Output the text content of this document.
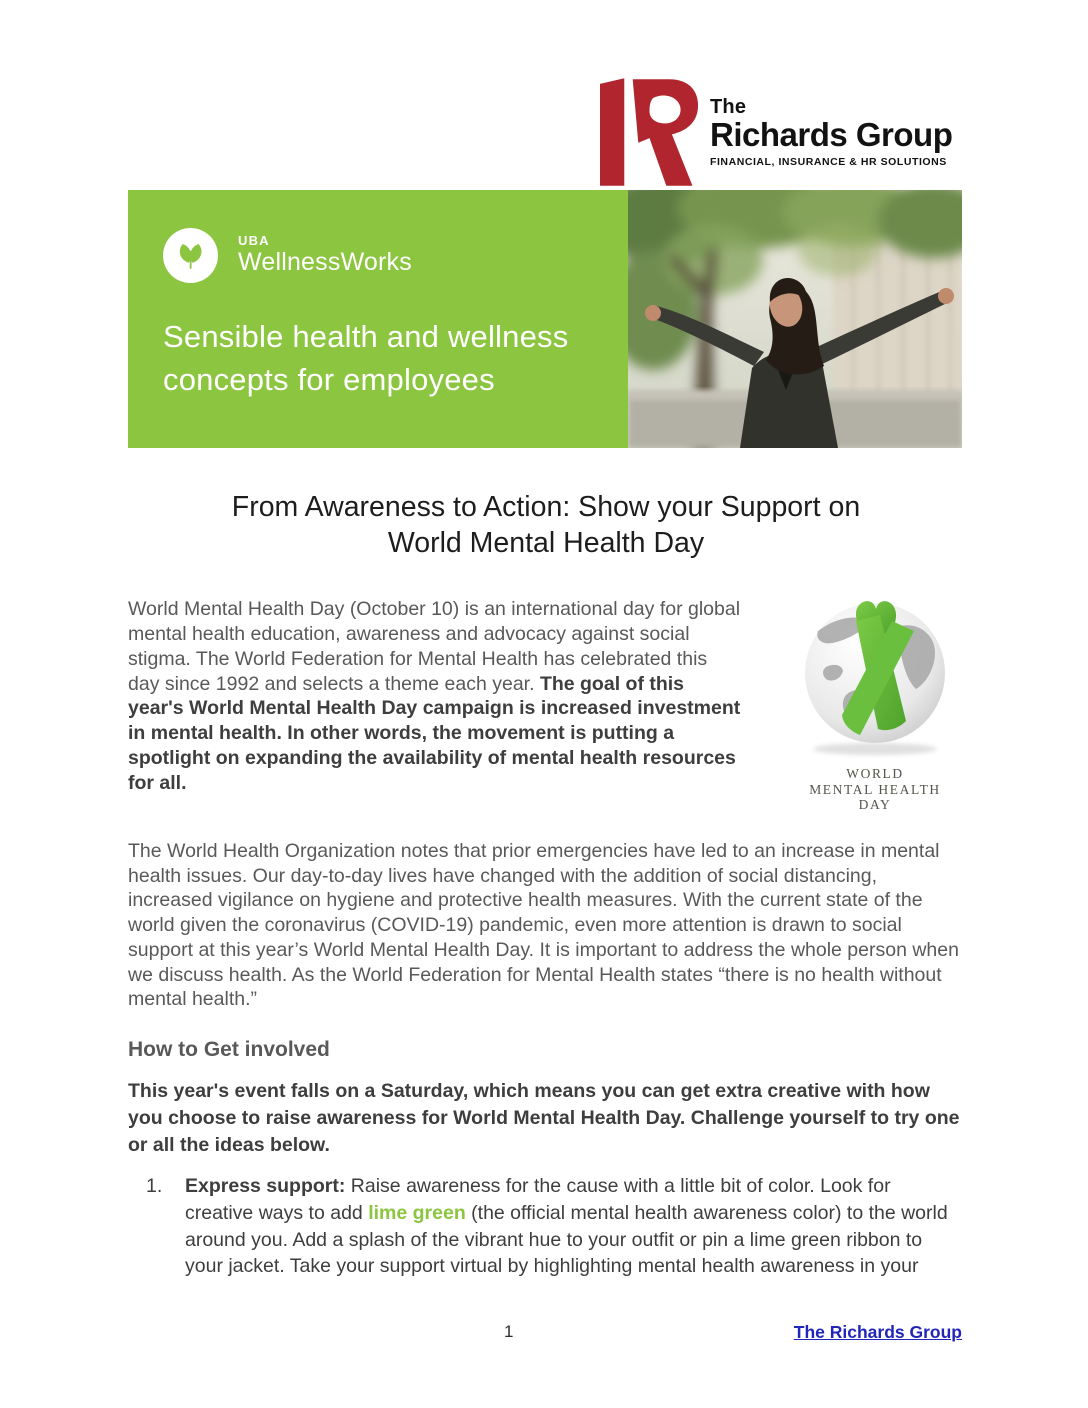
The
Richards Group
FINANCIAL, INSURANCE & HR SOLUTIONS
UBA
WellnessWorks
Sensible health and wellness concepts for employees
From Awareness to Action: Show your Support on World Mental Health Day

World Mental Health Day (October 10) is an international day for global mental health education, awareness and advocacy against social stigma. The World Federation for Mental Health has celebrated this day since 1992 and selects a theme each year. The goal of this year's World Mental Health Day campaign is increased investment in mental health. In other words, the movement is putting a spotlight on expanding the availability of mental health resources for all.	WORLD
MENTAL HEALTH
DAY

The World Health Organization notes that prior emergencies have led to an increase in mental health issues. Our day-to-day lives have changed with the addition of social distancing, increased vigilance on hygiene and protective health measures. With the current state of the world given the coronavirus (COVID-19) pandemic, even more attention is drawn to social support at this year’s World Mental Health Day. It is important to address the whole person when we discuss health. As the World Federation for Mental Health states “there is no health without mental health.”

How to Get involved

This year's event falls on a Saturday, which means you can get extra creative with how you choose to raise awareness for World Mental Health Day. Challenge yourself to try one or all the ideas below.

1.	Express support: Raise awareness for the cause with a little bit of color. Look for creative ways to add lime green (the official mental health awareness color) to the world around you. Add a splash of the vibrant hue to your outfit or pin a lime green ribbon to your jacket. Take your support virtual by highlighting mental health awareness in your
1	The Richards Group
